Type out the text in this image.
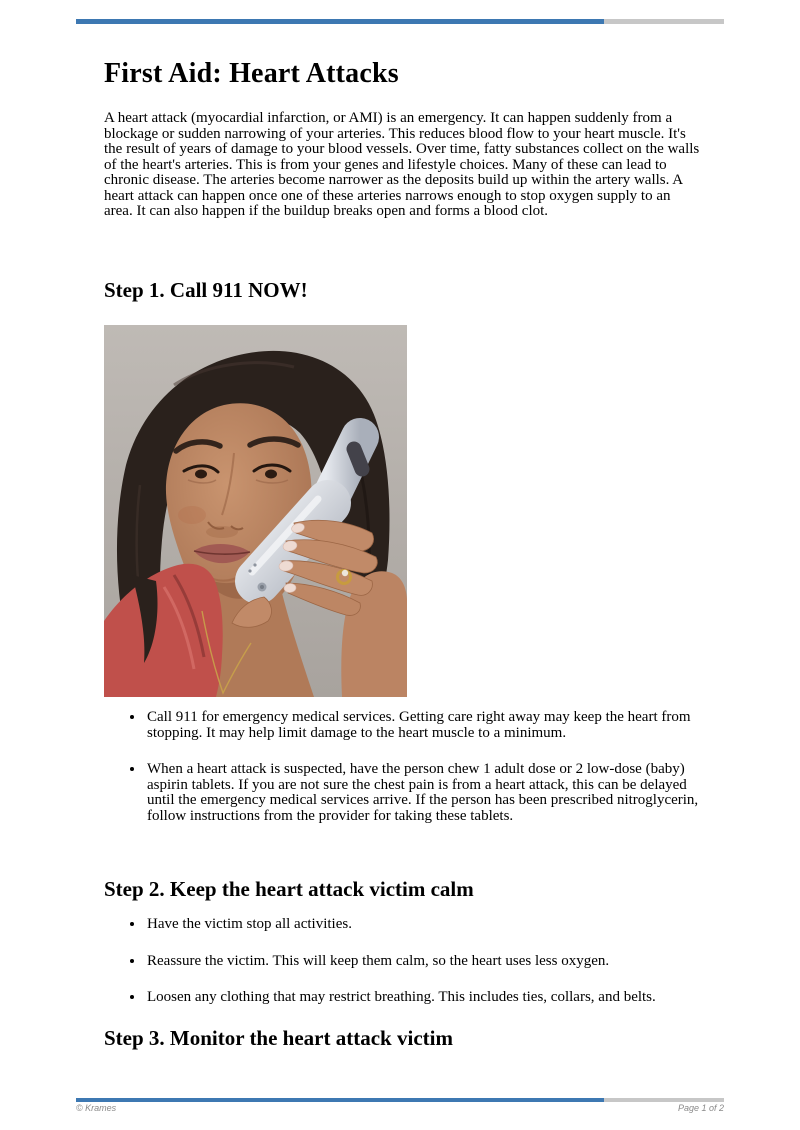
First Aid: Heart Attacks

A heart attack (myocardial infarction, or AMI) is an emergency. It can happen suddenly from a blockage or sudden narrowing of your arteries. This reduces blood flow to your heart muscle. It's the result of years of damage to your blood vessels. Over time, fatty substances collect on the walls of the heart's arteries. This is from your genes and lifestyle choices. Many of these can lead to chronic disease. The arteries become narrower as the deposits build up within the artery walls. A heart attack can happen once one of these arteries narrows enough to stop oxygen supply to an area. It can also happen if the buildup breaks open and forms a blood clot.

Step 1. Call 911 NOW!
• Call 911 for emergency medical services. Getting care right away may keep the heart from stopping. It may help limit damage to the heart muscle to a minimum.
• When a heart attack is suspected, have the person chew 1 adult dose or 2 low-dose (baby) aspirin tablets. If you are not sure the chest pain is from a heart attack, this can be delayed until the emergency medical services arrive. If the person has been prescribed nitroglycerin, follow instructions from the provider for taking these tablets.
Step 2. Keep the heart attack victim calm
• Have the victim stop all activities.
• Reassure the victim. This will keep them calm, so the heart uses less oxygen.
• Loosen any clothing that may restrict breathing. This includes ties, collars, and belts.
Step 3. Monitor the heart attack victim
© Krames	Page 1 of 2
